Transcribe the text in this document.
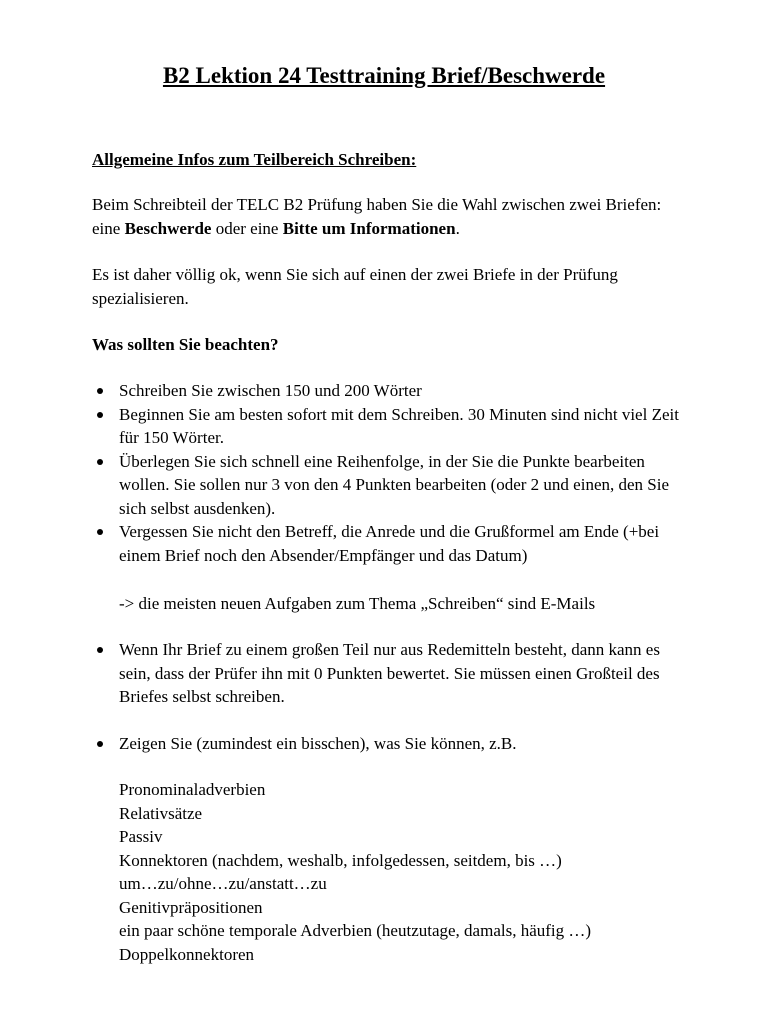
B2 Lektion 24 Testtraining Brief/Beschwerde

Allgemeine Infos zum Teilbereich Schreiben:

Beim Schreibteil der TELC B2 Prüfung haben Sie die Wahl zwischen zwei Briefen: eine Beschwerde oder eine Bitte um Informationen.

Es ist daher völlig ok, wenn Sie sich auf einen der zwei Briefe in der Prüfung spezialisieren.

Was sollten Sie beachten?

Schreiben Sie zwischen 150 und 200 Wörter
Beginnen Sie am besten sofort mit dem Schreiben. 30 Minuten sind nicht viel Zeit für 150 Wörter.
Überlegen Sie sich schnell eine Reihenfolge, in der Sie die Punkte bearbeiten wollen. Sie sollen nur 3 von den 4 Punkten bearbeiten (oder 2 und einen, den Sie sich selbst ausdenken).
Vergessen Sie nicht den Betreff, die Anrede und die Grußformel am Ende (+bei einem Brief noch den Absender/Empfänger und das Datum)

-> die meisten neuen Aufgaben zum Thema „Schreiben“ sind E-Mails

Wenn Ihr Brief zu einem großen Teil nur aus Redemitteln besteht, dann kann es sein, dass der Prüfer ihn mit 0 Punkten bewertet. Sie müssen einen Großteil des Briefes selbst schreiben.
Zeigen Sie (zumindest ein bisschen), was Sie können, z.B.
Pronominaladverbien
Relativsätze
Passiv
Konnektoren (nachdem, weshalb, infolgedessen, seitdem, bis …)
um…zu/ohne…zu/anstatt…zu
Genitivpräpositionen
ein paar schöne temporale Adverbien (heutzutage, damals, häufig …)
Doppelkonnektoren
